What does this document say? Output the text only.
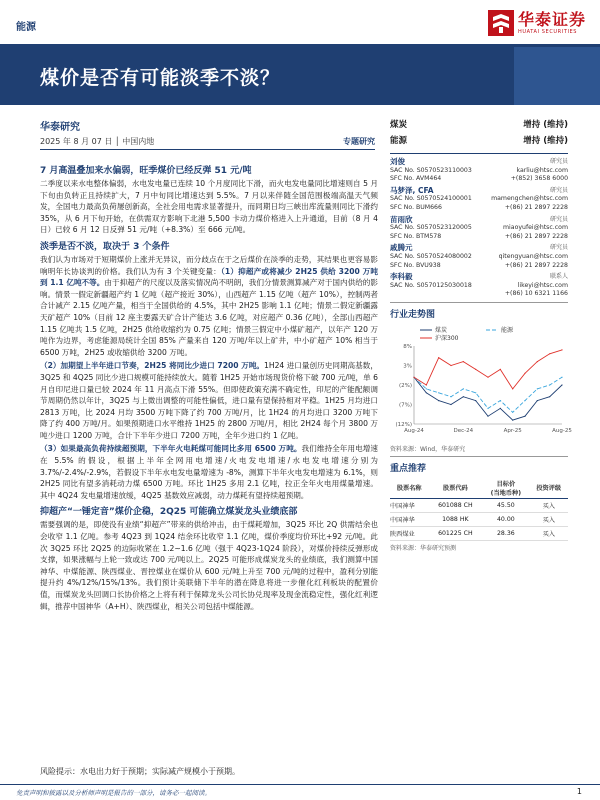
能源	华泰证券
HUATAI SECURITIES
煤价是否有可能淡季不淡？
华泰研究
2025 年 8 月 07 日 │ 中国内地	专题研究
7 月高温叠加来水偏弱，旺季煤价已经反弹 51 元/吨
二季度以来水电整体偏弱，水电发电量已连续 10 个月度同比下滑，而火电发电量同比增速则自 5 月下旬由负转正且持续扩大，7 月中旬同比增速达到 5.5%。7 月以来伴随全国范围极端高温天气频发，全国电力最高负荷屡创新高，全社会用电需求显著提升，而同期日均三峡出库流量则同比下滑约 35%，从 6 月下旬开始，在供需双方影响下北港 5,500 卡动力煤价格进入上升通道，目前（8 月 4 日）已较 6 月 12 日反弹 51 元/吨（+8.3%）至 666 元/吨。
淡季是否不淡，取决于 3 个条件
我们认为市场对于短期煤价上涨并无异议，而分歧点在于之后煤价在淡季的走势，其结果也更容易影响明年长协谈判的价格。我们认为有 3 个关键变量：（1）抑超产或将减少 2H25 供给 3200 万吨到 1.1 亿吨不等。由于抑超产的尺度以及落实情况尚不明朗，我们分情景测算减产对于国内供给的影响。情景一假定新疆超产约 1 亿吨（超产接近 30%），山西超产 1.15 亿吨（超产 10%），控制两者合计减产 2.15 亿吨产量，相当于全国供给的 4.5%，其中 2H25 影响 1.1 亿吨；情景二假定新疆露天矿超产 10%（目前 12 座主要露天矿合计产能达 3.6 亿吨，对应超产 0.36 亿吨），全部山西超产 1.15 亿吨共 1.5 亿吨，2H25 供给收缩约为 0.75 亿吨；情景三假定中小煤矿超产，以年产 120 万吨作为边界，考虑能源局统计全国 85% 产量来自 120 万吨/年以上矿井，中小矿超产 10% 相当于 6500 万吨，2H25 或收缩供给 3200 万吨。
（2）加期望上半年进口节奏，2H25 将同比少进口 7200 万吨。1H24 进口量创历史同期高基数，3Q25 和 4Q25 同比少进口规模可能持续放大。随着 1H25 开始市场现货价格下破 700 元/吨，单 6 月自印尼进口量已较 2024 年 11 月高点下滑 55%。但即使政策充满不确定性，印尼的产能配额调节周期仍然以年计，3Q25 与上微出调整的可能性偏低，进口量有望保持相对平稳。1H25 月均进口 2813 万吨，比 2024 月均 3500 万吨下降了约 700 万吨/月，比 1H24 的月均进口 3200 万吨下降了约 400 万吨/月。如果预期进口水平维持 1H25 的 2800 万吨/月，相比 2H24 每个月 3800 万吨少进口 1200 万吨，合计下半年少进口 7200 万吨，全年少进口约 1 亿吨。
（3）如果最高负荷持续超预期，下半年火电耗煤可能同比多用 6500 万吨。我们维持全年用电增速在 5.5% 的假设，根据上半年全网用电增速/火电发电增速/水电发电增速分别为 3.7%/-2.4%/-2.9%，若假设下半年水电发电量增速为 -8%，测算下半年火电发电增速为 6.1%，则 2H25 同比有望多消耗动力煤 6500 万吨。环比 1H25 多用 2.1 亿吨，拉正全年火电用煤量增速。其中 4Q24 发电量增速放缓，4Q25 基数效应减弱，动力煤耗有望持续超预期。
抑超产“一锤定音”煤价企稳，2Q25 可能确立煤炭龙头业绩底部
需要强调的是，即使没有业绩“抑超产”带来的供给冲击，由于煤耗增加，3Q25 环比 2Q 供需结余也会收窄 1.1 亿吨。参考 4Q23 到 1Q24 结余环比收窄 1.1 亿吨，煤价季度均价环比+92 元/吨。此次 3Q25 环比 2Q25 的边际收紧在 1.2~1.6 亿吨（强于 4Q23-1Q24 阶段），对煤价持续反弹形成支撑，如果涨幅与上轮一致或达 700 元/吨以上。2Q25 可能形成煤炭龙头的业绩底，我们测算中国神华、中煤能源、陕西煤业、晋控煤业在煤价从 600 元/吨上升至 700 元/吨的过程中，盈利分别能提升约 4%/12%/15%/13%。我们预计美联储下半年的潜在降息将进一步催化红利板块的配置价值，而煤炭龙头回调口长协价格之上将有利于保障龙头公司长协兑现率及现金流稳定性，强化红利逻辑，推荐中国神华（A+H）、陕西煤业，相关公司包括中煤能源。
煤炭	增持 (维持)
能源	增持 (维持)
刘俊	研究员
SAC No. S0570523110003	karliu@htsc.com
SFC No. AVM464	+(852) 3658 6000
马梦泽, CFA	研究员
SAC No. S0570524100001	mamengchen@htsc.com
SFC No. BUM666	+(86) 21 2897 2228
苗雨欣	研究员
SAC No. S0570523120005	miaoyufei@htsc.com
SFC No. BTM578	+(86) 21 2897 2228
戚腾元	研究员
SAC No. S0570524080002	qitengyuan@htsc.com
SFC No. BVU938	+(86) 21 2897 2228
李科毅	联系人
SAC No. S0570125030018	likeyi@htsc.com
+(86) 10 6321 1166
行业走势图
8%
3%
(2%)
(7%)
(12%)
Aug-24	Dec-24	Apr-25	Aug-25
煤炭	能源
沪深300
资料来源：Wind，华泰研究
重点推荐
股票名称	股票代码	目标价
(当地币种)	投资评级
中国神华	601088 CH	45.50	买入
中国神华	1088 HK	40.00	买入
陕西煤业	601225 CH	28.36	买入
资料来源：华泰研究预测
风险提示：水电出力好于预期；实际减产规模小于预期。
免责声明和披露以及分析师声明是报告的一部分，请务必一起阅读。	1
